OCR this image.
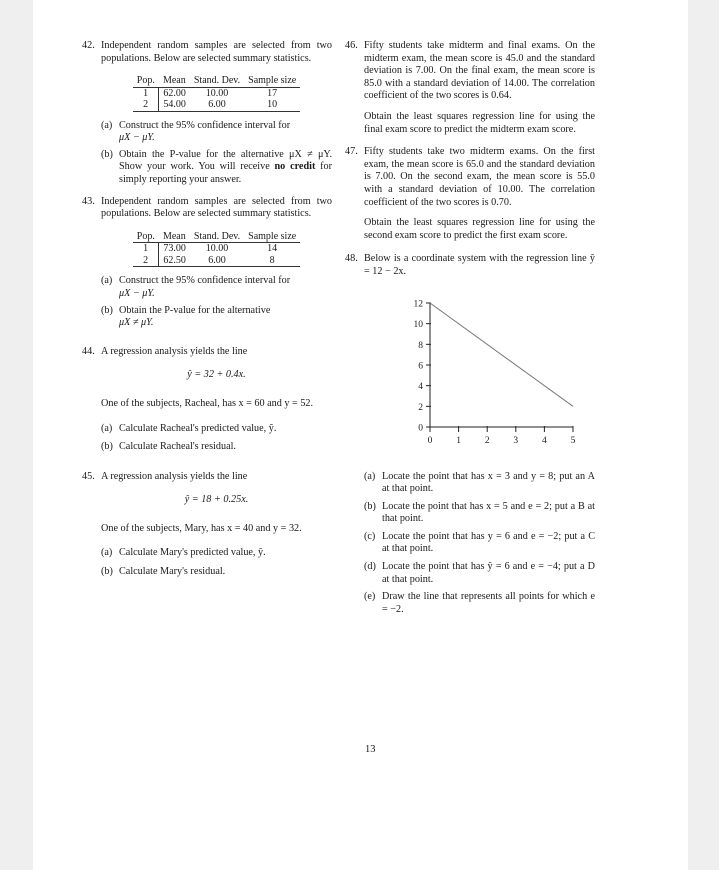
42. Independent random samples are selected from two populations. Below are selected summary statistics.
Pop.	Mean	Stand. Dev.	Sample size
1	62.00	10.00	17
2	54.00	6.00	10
(a) Construct the 95% confidence interval for
μX − μY.
(b) Obtain the P-value for the alternative μX ≠ μY. Show your work. You will receive no credit for simply reporting your answer.
43. Independent random samples are selected from two populations. Below are selected summary statistics.
Pop.	Mean	Stand. Dev.	Sample size
1	73.00	10.00	14
2	62.50	6.00	8
(a) Construct the 95% confidence interval for
μX − μY.
(b) Obtain the P-value for the alternative
μX ≠ μY.
44. A regression analysis yields the line
ŷ = 32 + 0.4x.
One of the subjects, Racheal, has x = 60 and y = 52.
(a) Calculate Racheal's predicted value, ŷ.
(b) Calculate Racheal's residual.
45. A regression analysis yields the line
ŷ = 18 + 0.25x.
One of the subjects, Mary, has x = 40 and y = 32.
(a) Calculate Mary's predicted value, ŷ.
(b) Calculate Mary's residual.
46. Fifty students take midterm and final exams. On the midterm exam, the mean score is 45.0 and the standard deviation is 7.00. On the final exam, the mean score is 85.0 with a standard deviation of 14.00. The correlation coefficient of the two scores is 0.64.
Obtain the least squares regression line for using the final exam score to predict the midterm exam score.
47. Fifty students take two midterm exams. On the first exam, the mean score is 65.0 and the standard deviation is 7.00. On the second exam, the mean score is 55.0 with a standard deviation of 10.00. The correlation coefficient of the two scores is 0.70.
Obtain the least squares regression line for using the second exam score to predict the first exam score.
48. Below is a coordinate system with the regression line ŷ = 12 − 2x.
0
2
4
6
8
10
12
0	1	2	3	4	5
(a) Locate the point that has x = 3 and y = 8; put an A at that point.
(b) Locate the point that has x = 5 and e = 2; put a B at that point.
(c) Locate the point that has y = 6 and e = −2; put a C at that point.
(d) Locate the point that has ŷ = 6 and e = −4; put a D at that point.
(e) Draw the line that represents all points for which e = −2.
13
